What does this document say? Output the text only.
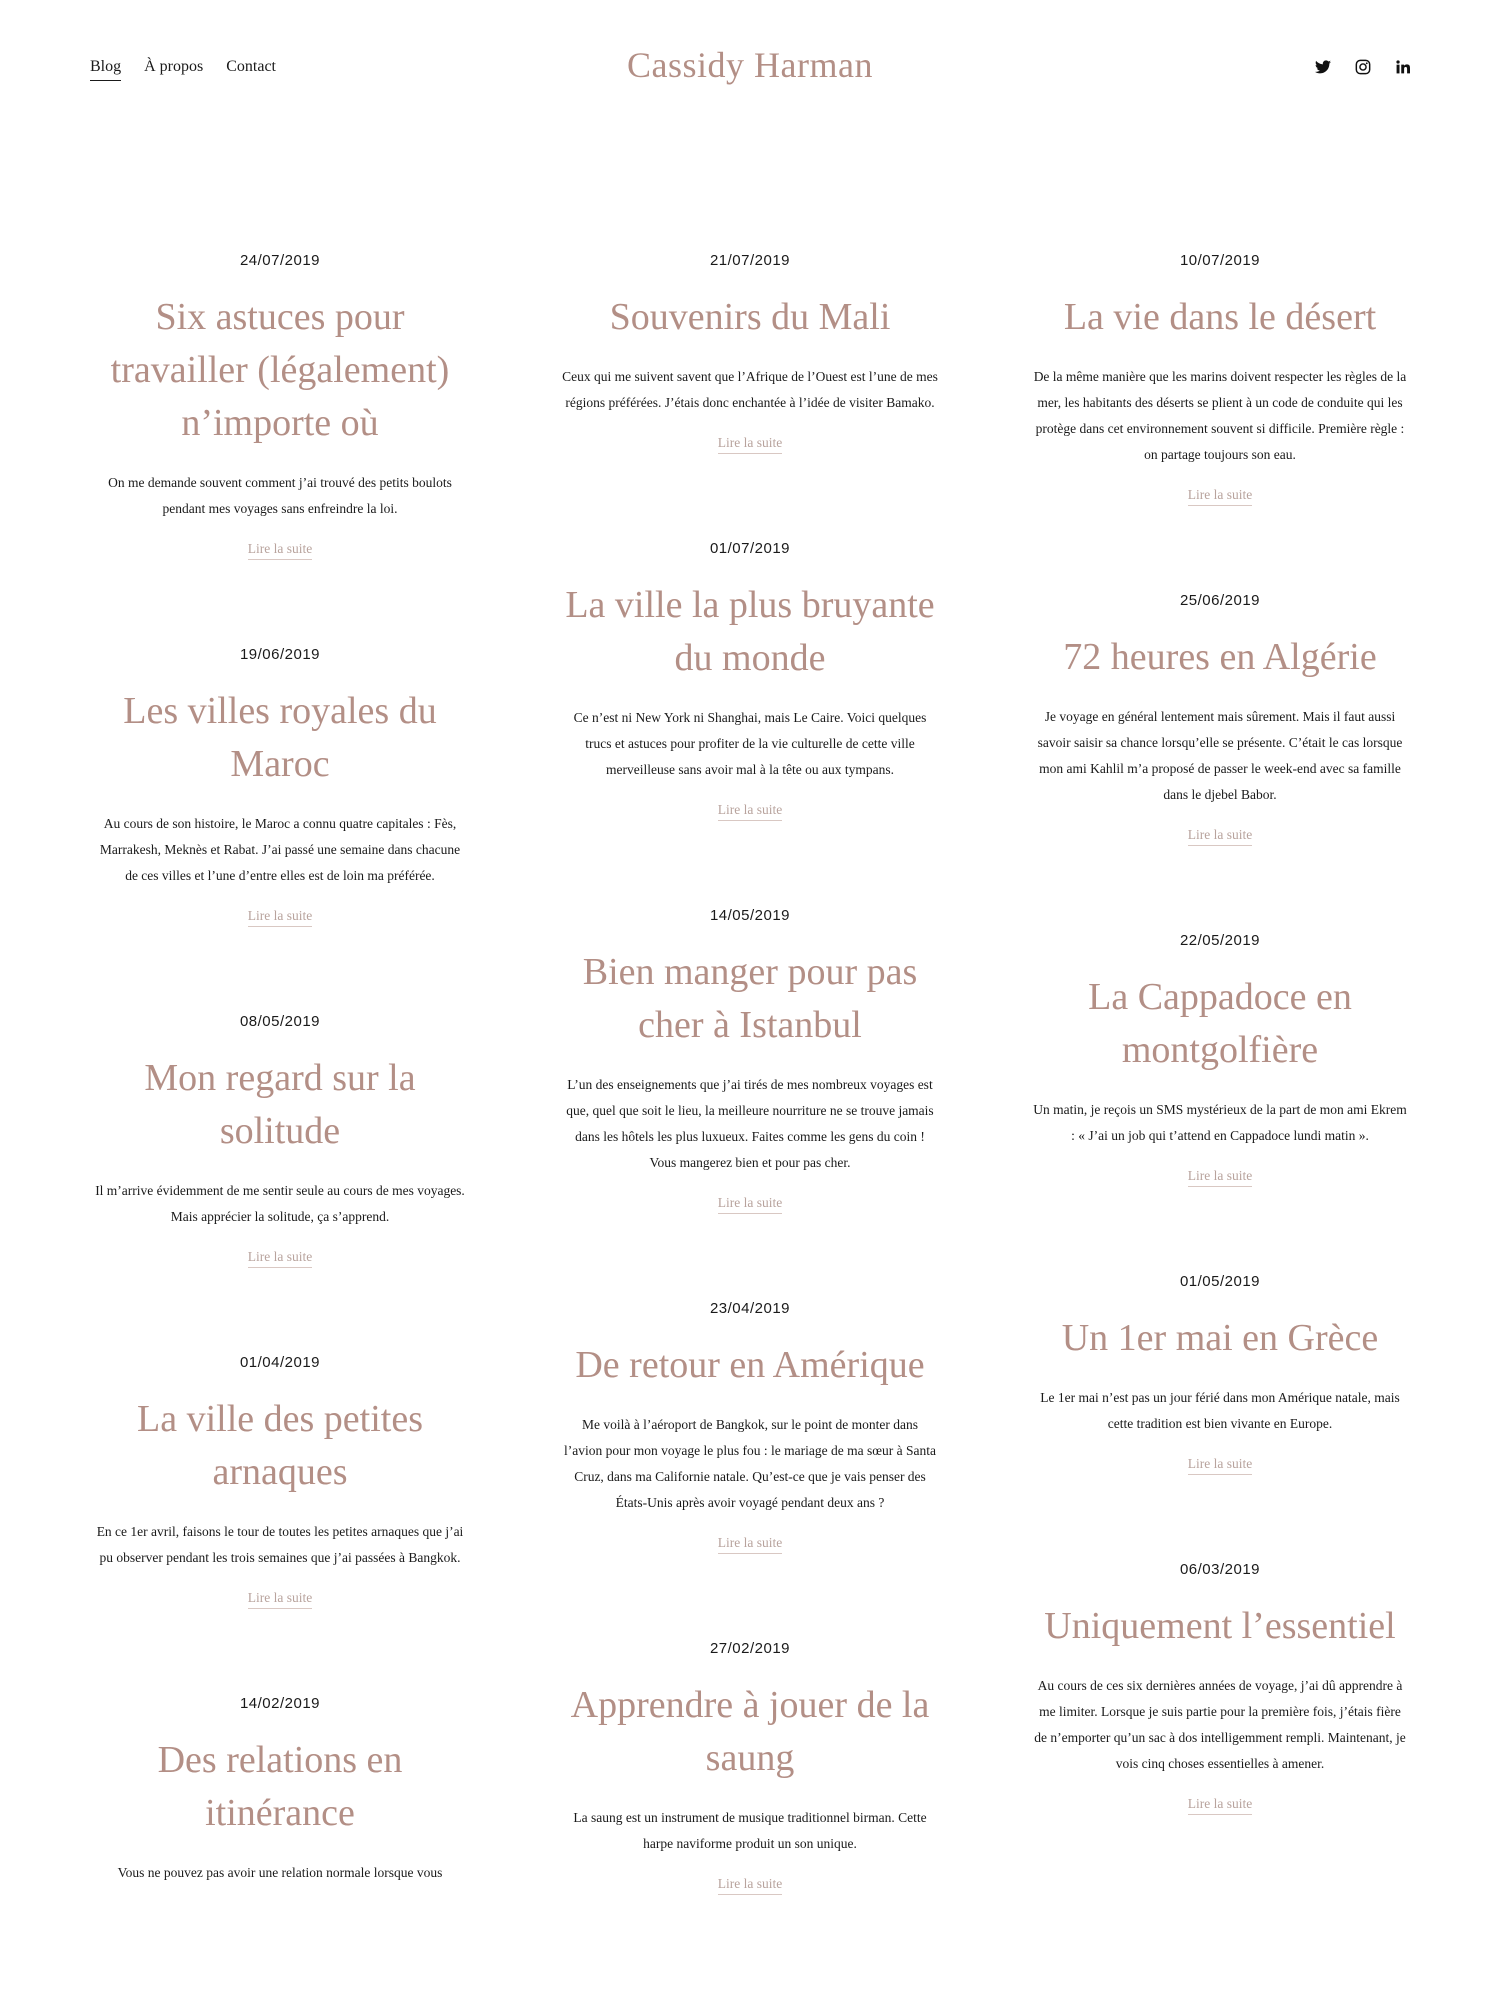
Blog À propos Contact	Cassidy Harman
24/07/2019
Six astuces pour travailler (légalement) n’importe où

On me demande souvent comment j’ai trouvé des petits boulots pendant mes voyages sans enfreindre la loi.

Lire la suite
19/06/2019
Les villes royales du Maroc

Au cours de son histoire, le Maroc a connu quatre capitales : Fès, Marrakesh, Meknès et Rabat. J’ai passé une semaine dans chacune de ces villes et l’une d’entre elles est de loin ma préférée.

Lire la suite
08/05/2019
Mon regard sur la solitude

Il m’arrive évidemment de me sentir seule au cours de mes voyages. Mais apprécier la solitude, ça s’apprend.

Lire la suite
01/04/2019
La ville des petites arnaques

En ce 1er avril, faisons le tour de toutes les petites arnaques que j’ai pu observer pendant les trois semaines que j’ai passées à Bangkok.

Lire la suite
14/02/2019
Des relations en itinérance

Vous ne pouvez pas avoir une relation normale lorsque vous

21/07/2019
Souvenirs du Mali

Ceux qui me suivent savent que l’Afrique de l’Ouest est l’une de mes régions préférées. J’étais donc enchantée à l’idée de visiter Bamako.

Lire la suite
01/07/2019
La ville la plus bruyante du monde

Ce n’est ni New York ni Shanghai, mais Le Caire. Voici quelques trucs et astuces pour profiter de la vie culturelle de cette ville merveilleuse sans avoir mal à la tête ou aux tympans.

Lire la suite
14/05/2019
Bien manger pour pas cher à Istanbul

L’un des enseignements que j’ai tirés de mes nombreux voyages est que, quel que soit le lieu, la meilleure nourriture ne se trouve jamais dans les hôtels les plus luxueux. Faites comme les gens du coin ! Vous mangerez bien et pour pas cher.

Lire la suite
23/04/2019
De retour en Amérique

Me voilà à l’aéroport de Bangkok, sur le point de monter dans l’avion pour mon voyage le plus fou : le mariage de ma sœur à Santa Cruz, dans ma Californie natale. Qu’est-ce que je vais penser des États-Unis après avoir voyagé pendant deux ans ?

Lire la suite
27/02/2019
Apprendre à jouer de la saung

La saung est un instrument de musique traditionnel birman. Cette harpe naviforme produit un son unique.

Lire la suite
10/07/2019
La vie dans le désert

De la même manière que les marins doivent respecter les règles de la mer, les habitants des déserts se plient à un code de conduite qui les protège dans cet environnement souvent si difficile. Première règle : on partage toujours son eau.

Lire la suite
25/06/2019
72 heures en Algérie

Je voyage en général lentement mais sûrement. Mais il faut aussi savoir saisir sa chance lorsqu’elle se présente. C’était le cas lorsque mon ami Kahlil m’a proposé de passer le week-end avec sa famille dans le djebel Babor.

Lire la suite
22/05/2019
La Cappadoce en montgolfière

Un matin, je reçois un SMS mystérieux de la part de mon ami Ekrem : « J’ai un job qui t’attend en Cappadoce lundi matin ».

Lire la suite
01/05/2019
Un 1er mai en Grèce

Le 1er mai n’est pas un jour férié dans mon Amérique natale, mais cette tradition est bien vivante en Europe.

Lire la suite
06/03/2019
Uniquement l’essentiel

Au cours de ces six dernières années de voyage, j’ai dû apprendre à me limiter. Lorsque je suis partie pour la première fois, j’étais fière de n’emporter qu’un sac à dos intelligemment rempli. Maintenant, je vois cinq choses essentielles à amener.

Lire la suite
